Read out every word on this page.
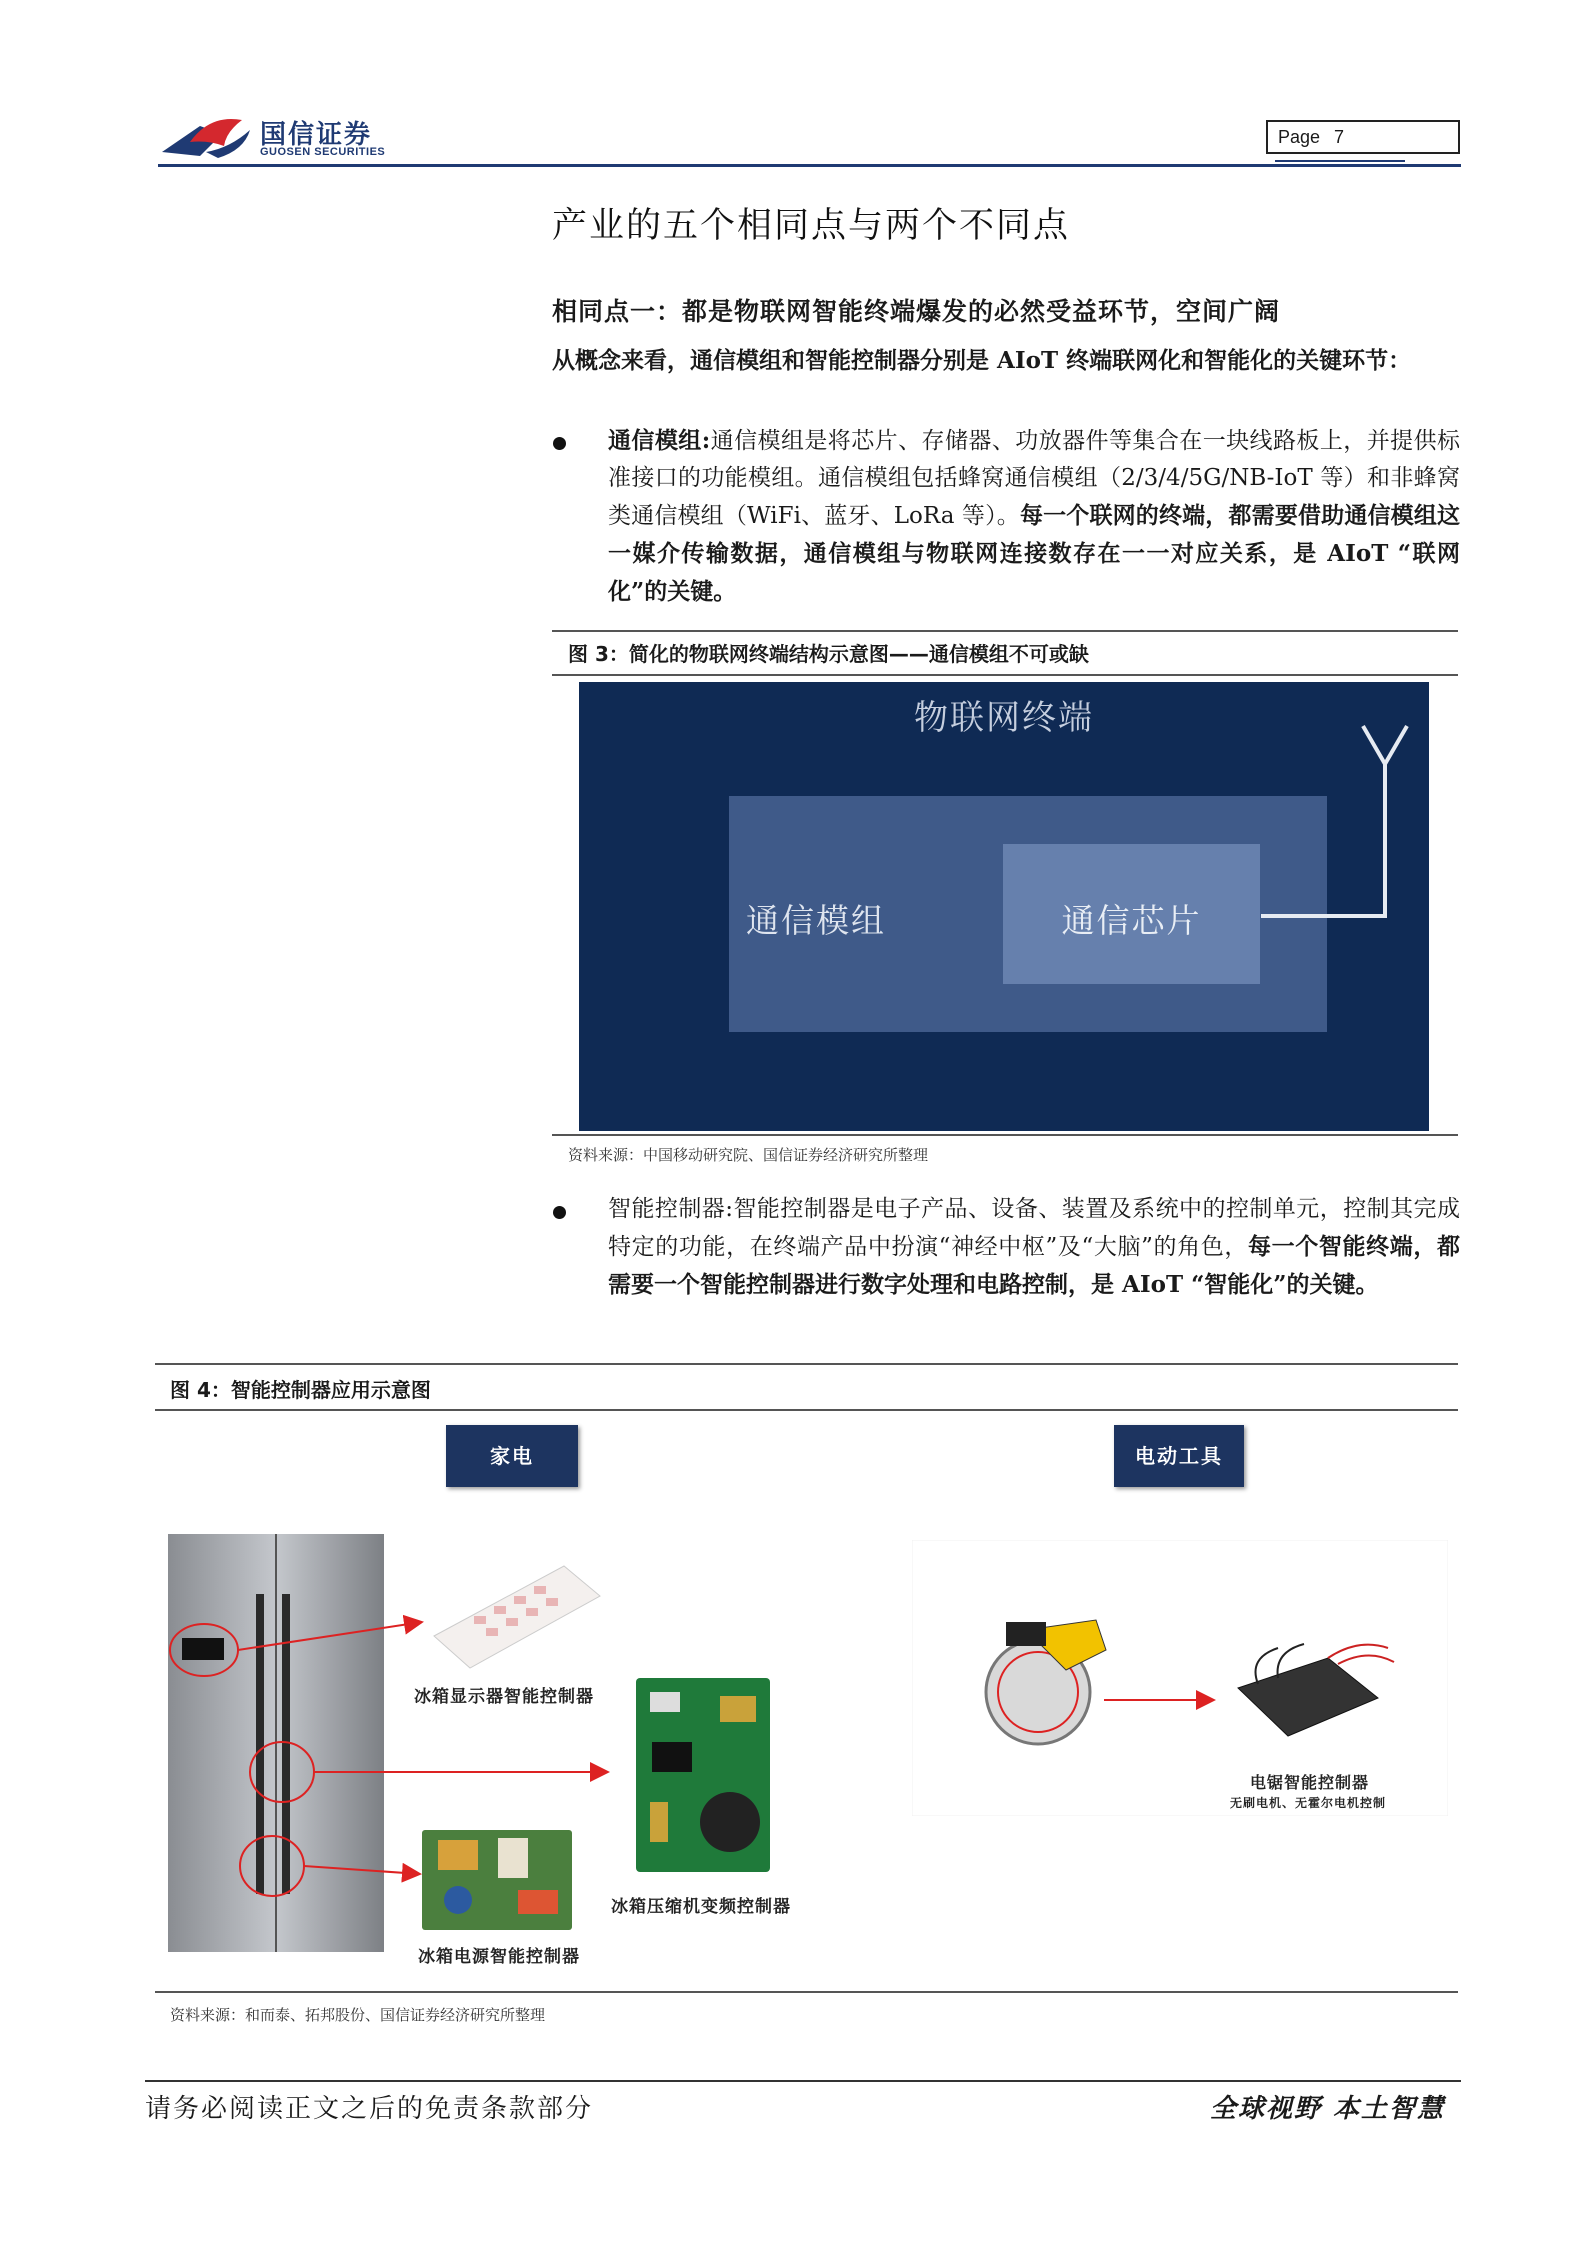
国信证券
GUOSEN SECURITIES
Page 7
产业的五个相同点与两个不同点
相同点一：都是物联网智能终端爆发的必然受益环节，空间广阔
从概念来看，通信模组和智能控制器分别是 AIoT 终端联网化和智能化的关键环节：
通信模组:通信模组是将芯片、存储器、功放器件等集合在一块线路板上，并提供标准接口的功能模组。通信模组包括蜂窝通信模组（2/3/4/5G/NB-IoT 等）和非蜂窝类通信模组（WiFi、蓝牙、LoRa 等）。每一个联网的终端，都需要借助通信模组这一媒介传输数据，通信模组与物联网连接数存在一一对应关系，是 AIoT “联网化”的关键。
图 3：简化的物联网终端结构示意图——通信模组不可或缺
物联网终端
通信模组	通信芯片
资料来源：中国移动研究院、国信证券经济研究所整理
智能控制器:智能控制器是电子产品、设备、装置及系统中的控制单元，控制其完成特定的功能，在终端产品中扮演“神经中枢”及“大脑”的角色，每一个智能终端，都需要一个智能控制器进行数字处理和电路控制，是 AIoT “智能化”的关键。
图 4：智能控制器应用示意图
家电	电动工具
冰箱显示器智能控制器
冰箱压缩机变频控制器
冰箱电源智能控制器
电锯智能控制器
无刷电机、无霍尔电机控制
资料来源：和而泰、拓邦股份、国信证券经济研究所整理
请务必阅读正文之后的免责条款部分	全球视野 本土智慧
